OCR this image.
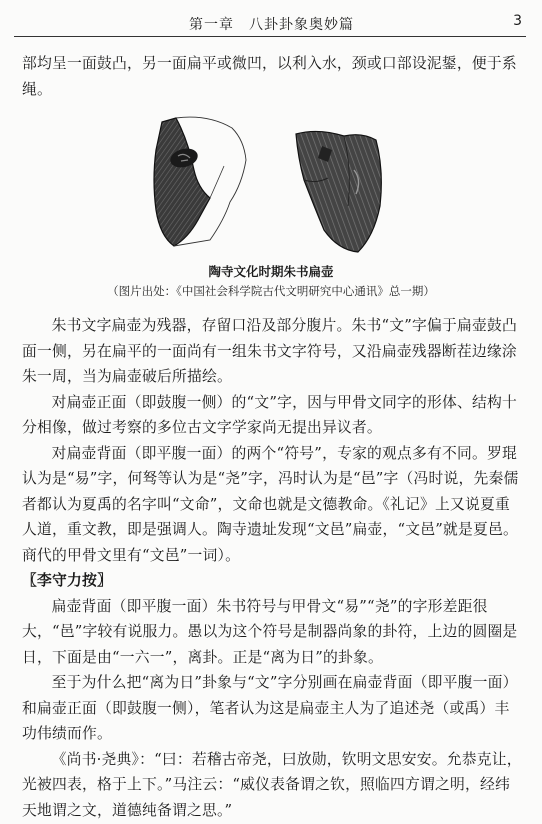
第一章　八卦卦象奥妙篇	3

部均呈一面鼓凸，另一面扁平或微凹，以利入水，颈或口部设泥鋬，便于系绳。

陶寺文化时期朱书扁壶
（图片出处：《中国社会科学院古代文明研究中心通讯》总一期）

朱书文字扁壶为残器，存留口沿及部分腹片。朱书“文”字偏于扁壶鼓凸面一侧，另在扁平的一面尚有一组朱书文字符号，又沿扁壶残器断茬边缘涂朱一周，当为扁壶破后所描绘。

对扁壶正面（即鼓腹一侧）的“文”字，因与甲骨文同字的形体、结构十分相像，做过考察的多位古文字学家尚无提出异议者。

对扁壶背面（即平腹一面）的两个“符号”，专家的观点多有不同。罗琨认为是“易”字，何驽等认为是“尧”字，冯时认为是“邑”字（冯时说，先秦儒者都认为夏禹的名字叫“文命”，文命也就是文德教命。《礼记》上又说夏重人道，重文教，即是强调人。陶寺遗址发现“文邑”扁壶，“文邑”就是夏邑。商代的甲骨文里有“文邑”一词）。

〖李守力按〗

扁壶背面（即平腹一面）朱书符号与甲骨文“易”“尧”的字形差距很大，“邑”字较有说服力。愚以为这个符号是制器尚象的卦符，上边的圆圈是日，下面是由“一六一”，离卦。正是“离为日”的卦象。

至于为什么把“离为日”卦象与“文”字分别画在扁壶背面（即平腹一面）和扁壶正面（即鼓腹一侧），笔者认为这是扁壶主人为了追述尧（或禹）丰功伟绩而作。

《尚书·尧典》：“曰：若稽古帝尧，曰放勋，钦明文思安安。允恭克让，光被四表，格于上下。”马注云：“威仪表备谓之钦，照临四方谓之明，经纬天地谓之文，道德纯备谓之思。”
